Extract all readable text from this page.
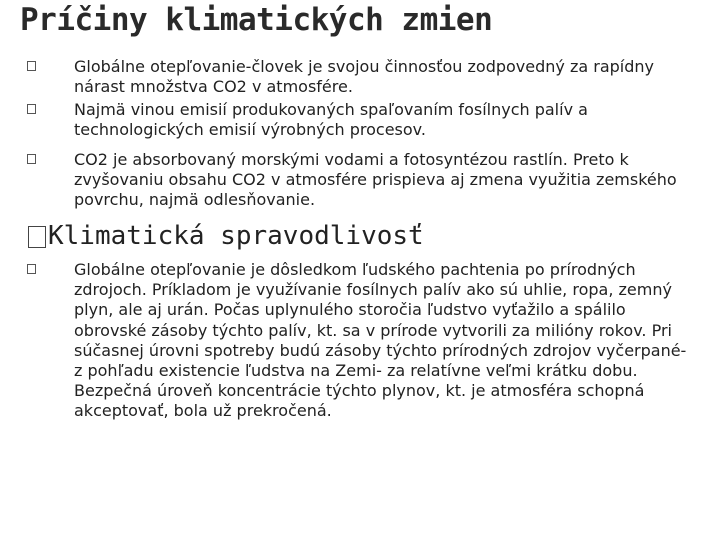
Príčiny klimatických zmien
Globálne otepľovanie-človek je svojou činnosťou zodpovedný za rapídny nárast množstva CO2 v atmosfére.
Najmä vinou emisií produkovaných spaľovaním fosílnych palív a technologických emisií výrobných procesov.
CO2 je absorbovaný morskými vodami a fotosyntézou rastlín. Preto k zvyšovaniu obsahu CO2 v atmosfére prispieva aj zmena využitia zemského povrchu, najmä odlesňovanie.
Klimatická spravodlivosť
Globálne otepľovanie je dôsledkom ľudského pachtenia po prírodných zdrojoch. Príkladom je využívanie fosílnych palív ako sú uhlie, ropa, zemný plyn, ale aj urán. Počas uplynulého storočia ľudstvo vyťažilo a spálilo obrovské zásoby týchto palív, kt. sa v prírode vytvorili za milióny rokov. Pri súčasnej úrovni spotreby budú zásoby týchto prírodných zdrojov vyčerpané- z pohľadu existencie ľudstva na Zemi- za relatívne veľmi krátku dobu. Bezpečná úroveň koncentrácie týchto plynov, kt. je atmosféra schopná akceptovať, bola už prekročená.
